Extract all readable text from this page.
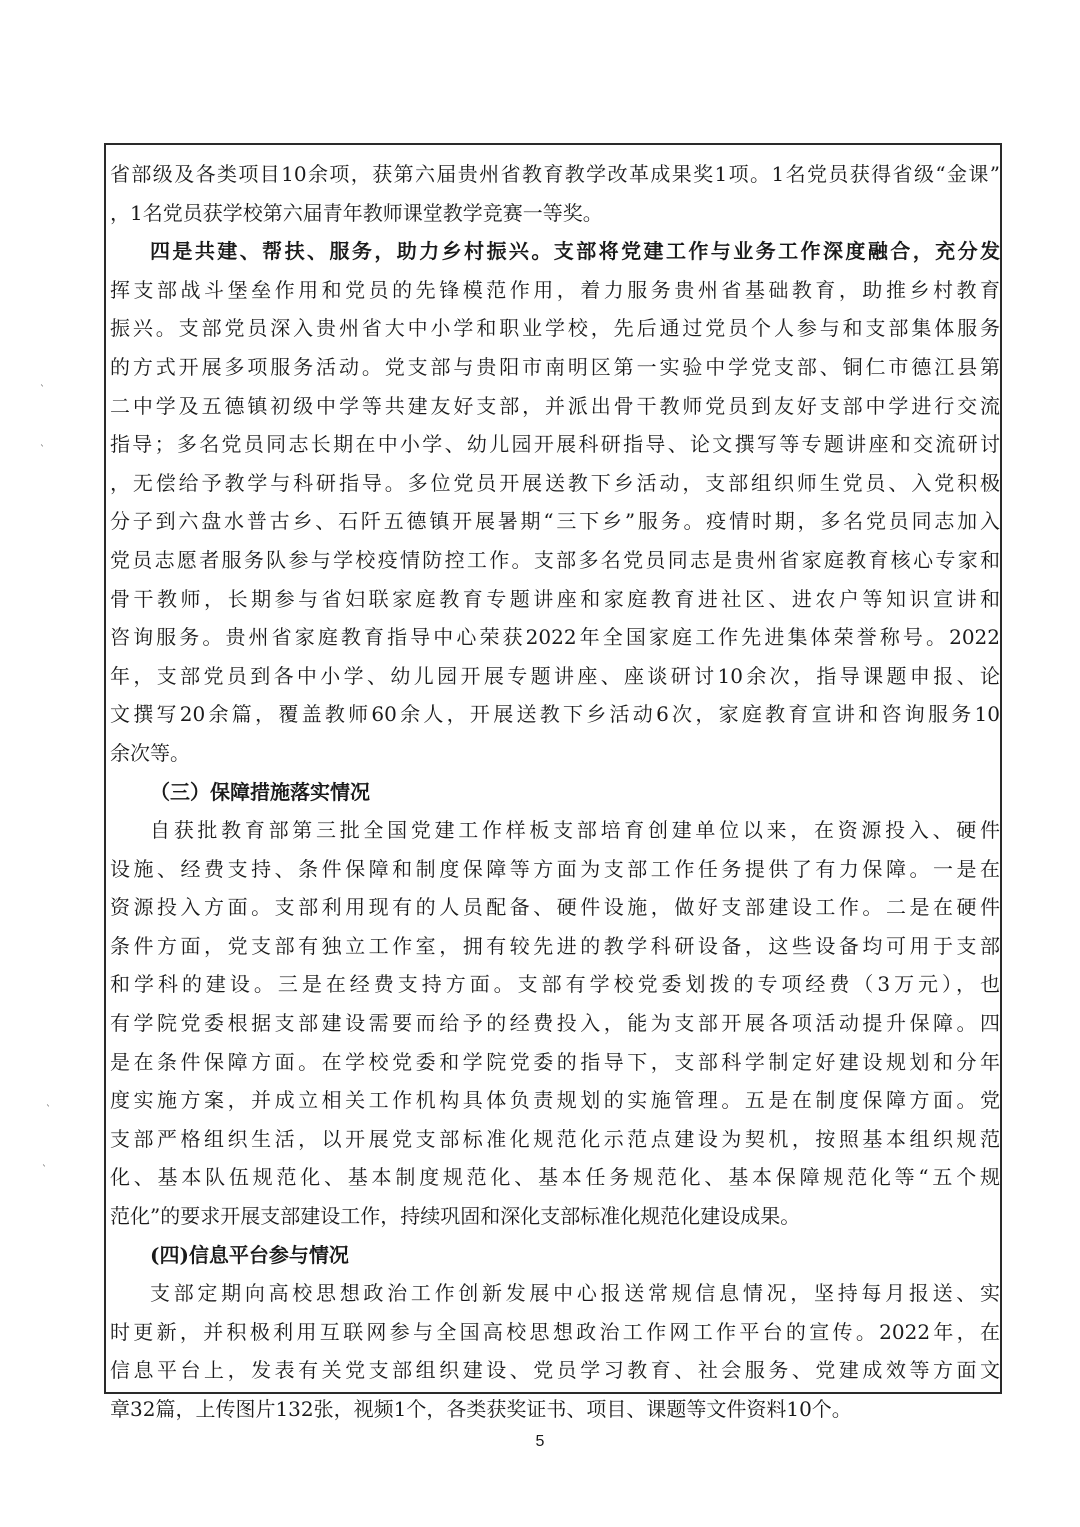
省部级及各类项目10余项，获第六届贵州省教育教学改革成果奖1项。1名党员获得省级“金课”
，1名党员获学校第六届青年教师课堂教学竞赛一等奖。
四是共建、帮扶、服务，助力乡村振兴。支部将党建工作与业务工作深度融合，充分发
挥支部战斗堡垒作用和党员的先锋模范作用，着力服务贵州省基础教育，助推乡村教育
振兴。支部党员深入贵州省大中小学和职业学校，先后通过党员个人参与和支部集体服务
的方式开展多项服务活动。党支部与贵阳市南明区第一实验中学党支部、铜仁市德江县第
二中学及五德镇初级中学等共建友好支部，并派出骨干教师党员到友好支部中学进行交流
指导；多名党员同志长期在中小学、幼儿园开展科研指导、论文撰写等专题讲座和交流研讨
，无偿给予教学与科研指导。多位党员开展送教下乡活动，支部组织师生党员、入党积极
分子到六盘水普古乡、石阡五德镇开展暑期“三下乡”服务。疫情时期，多名党员同志加入
党员志愿者服务队参与学校疫情防控工作。支部多名党员同志是贵州省家庭教育核心专家和
骨干教师，长期参与省妇联家庭教育专题讲座和家庭教育进社区、进农户等知识宣讲和
咨询服务。贵州省家庭教育指导中心荣获2022年全国家庭工作先进集体荣誉称号。2022
年，支部党员到各中小学、幼儿园开展专题讲座、座谈研讨10余次，指导课题申报、论
文撰写20余篇，覆盖教师60余人，开展送教下乡活动6次，家庭教育宣讲和咨询服务10
余次等。
（三）保障措施落实情况
自获批教育部第三批全国党建工作样板支部培育创建单位以来，在资源投入、硬件
设施、经费支持、条件保障和制度保障等方面为支部工作任务提供了有力保障。一是在
资源投入方面。支部利用现有的人员配备、硬件设施，做好支部建设工作。二是在硬件
条件方面，党支部有独立工作室，拥有较先进的教学科研设备，这些设备均可用于支部
和学科的建设。三是在经费支持方面。支部有学校党委划拨的专项经费（3万元），也
有学院党委根据支部建设需要而给予的经费投入，能为支部开展各项活动提升保障。四
是在条件保障方面。在学校党委和学院党委的指导下，支部科学制定好建设规划和分年
度实施方案，并成立相关工作机构具体负责规划的实施管理。五是在制度保障方面。党
支部严格组织生活，以开展党支部标准化规范化示范点建设为契机，按照基本组织规范
化、基本队伍规范化、基本制度规范化、基本任务规范化、基本保障规范化等“五个规
范化”的要求开展支部建设工作，持续巩固和深化支部标准化规范化建设成果。
(四)信息平台参与情况
支部定期向高校思想政治工作创新发展中心报送常规信息情况，坚持每月报送、实
时更新，并积极利用互联网参与全国高校思想政治工作网工作平台的宣传。2022年，在
信息平台上，发表有关党支部组织建设、党员学习教育、社会服务、党建成效等方面文
章32篇，上传图片132张，视频1个，各类获奖证书、项目、课题等文件资料10个。
ˋ
ˋ
ˋ
ˋ
5
